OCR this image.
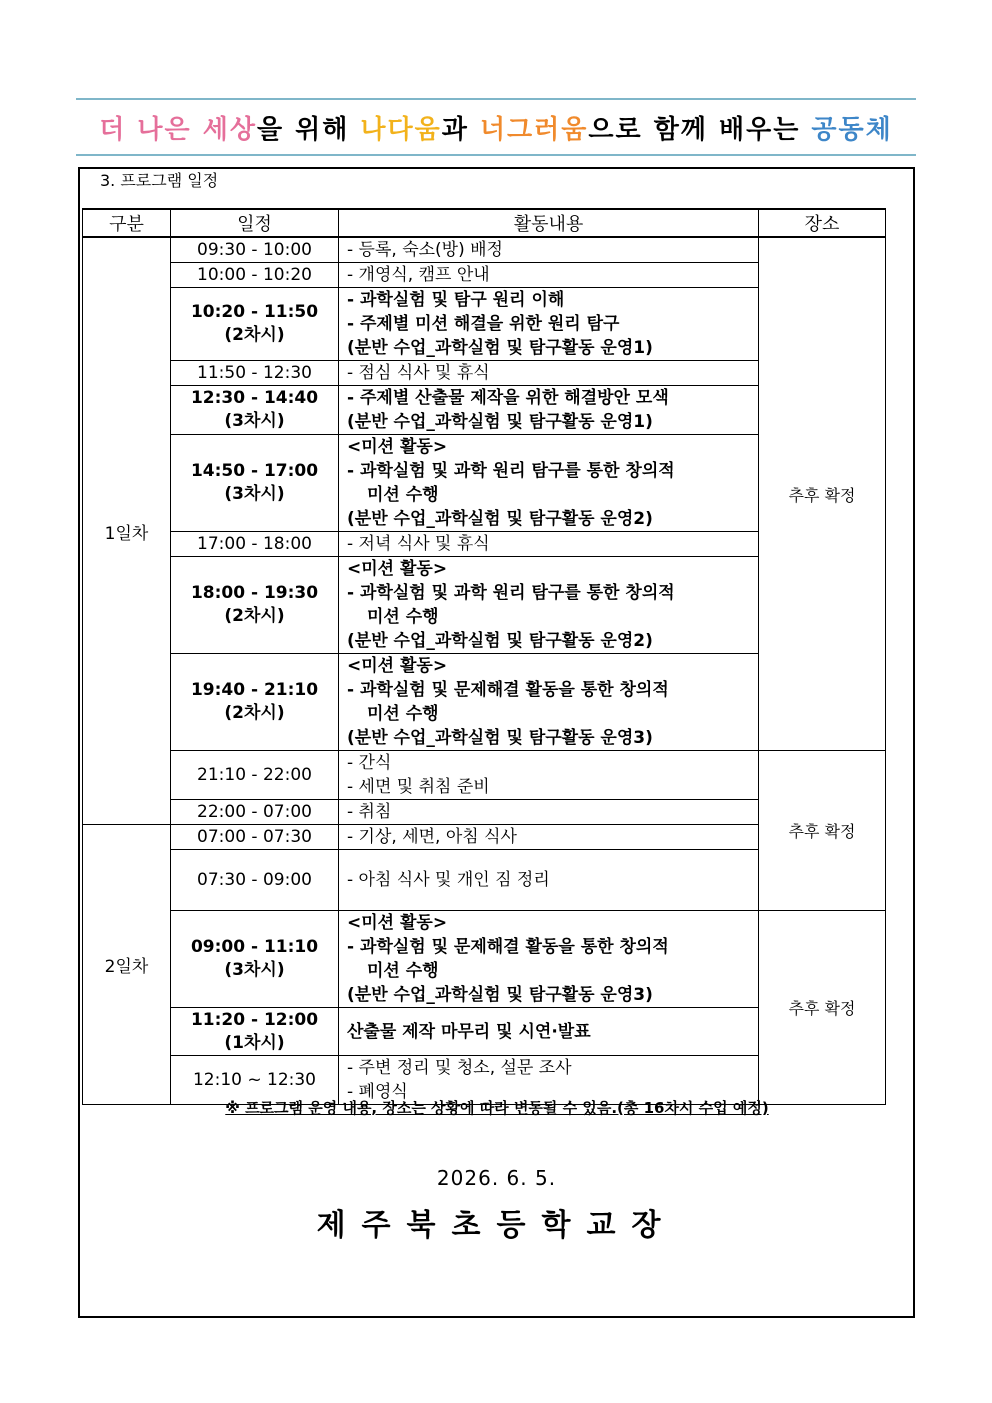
더 나은 세상을 위해 나다움과 너그러움으로 함께 배우는 공동체
3. 프로그램 일정
구분	일정	활동내용	장소
1일차	09:30 - 10:00	- 등록, 숙소(방) 배정	추후 확정

	10:00 - 10:20	- 개영식, 캠프 안내	

	10:20 - 11:50
(2차시)	- 과학실험 및 탐구 원리 이해
- 주제별 미션 해결을 위한 원리 탐구
(분반 수업_과학실험 및 탐구활동 운영1)	

	11:50 - 12:30	- 점심 식사 및 휴식	

	12:30 - 14:40
(3차시)	- 주제별 산출물 제작을 위한 해결방안 모색
(분반 수업_과학실험 및 탐구활동 운영1)	

	14:50 - 17:00
(3차시)	<미션 활동>
- 과학실험 및 과학 원리 탐구를 통한 창의적
미션 수행
(분반 수업_과학실험 및 탐구활동 운영2)	

	17:00 - 18:00	- 저녁 식사 및 휴식	

	18:00 - 19:30
(2차시)	<미션 활동>
- 과학실험 및 과학 원리 탐구를 통한 창의적
미션 수행
(분반 수업_과학실험 및 탐구활동 운영2)	

	19:40 - 21:10
(2차시)	<미션 활동>
- 과학실험 및 문제해결 활동을 통한 창의적
미션 수행
(분반 수업_과학실험 및 탐구활동 운영3)	

	21:10 - 22:00	- 간식
- 세면 및 취침 준비	추후 확정

	22:00 - 07:00	- 취침	

2일차	07:00 - 07:30	- 기상, 세면, 아침 식사	

	07:30 - 09:00	- 아침 식사 및 개인 짐 정리	

	09:00 - 11:10
(3차시)	<미션 활동>
- 과학실험 및 문제해결 활동을 통한 창의적
미션 수행
(분반 수업_과학실험 및 탐구활동 운영3)	추후 확정

	11:20 - 12:00
(1차시)	산출물 제작 마무리 및 시연·발표	

	12:10 ~ 12:30	- 주변 정리 및 청소, 설문 조사
- 폐영식	
※ 프로그램 운영 내용, 장소는 상황에 따라 변동될 수 있음.(총 16차시 수업 예정)
2026. 6. 5.
제주북초등학교장
